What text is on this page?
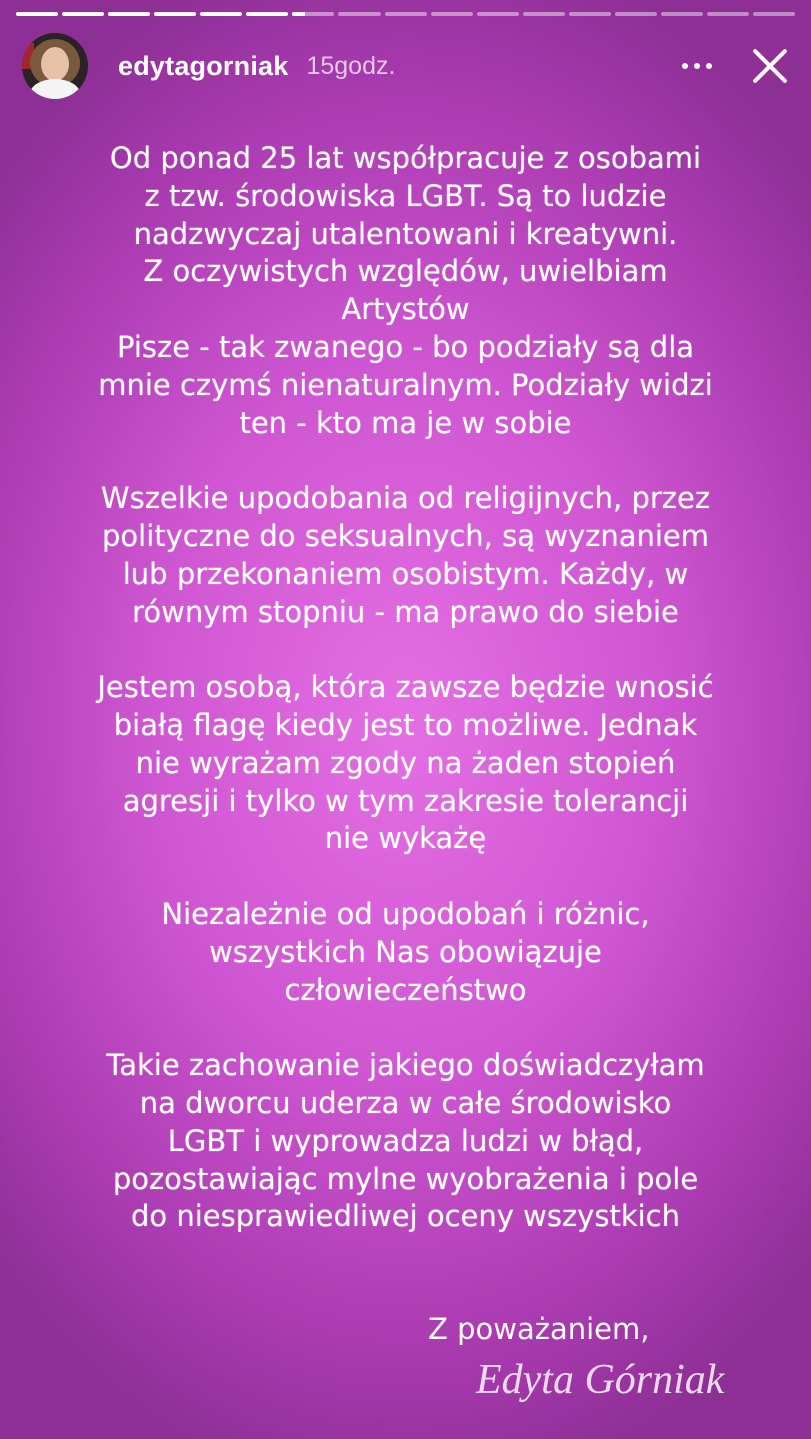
edytagorniak 15godz.
Od ponad 25 lat współpracuje z osobami
z tzw. środowiska LGBT. Są to ludzie
nadzwyczaj utalentowani i kreatywni.
Z oczywistych względów, uwielbiam
Artystów
Pisze - tak zwanego - bo podziały są dla
mnie czymś nienaturalnym. Podziały widzi
ten - kto ma je w sobie
Wszelkie upodobania od religijnych, przez
polityczne do seksualnych, są wyznaniem
lub przekonaniem osobistym. Każdy, w
równym stopniu - ma prawo do siebie
Jestem osobą, która zawsze będzie wnosić
białą flagę kiedy jest to możliwe. Jednak
nie wyrażam zgody na żaden stopień
agresji i tylko w tym zakresie tolerancji
nie wykażę
Niezależnie od upodobań i różnic,
wszystkich Nas obowiązuje
człowieczeństwo
Takie zachowanie jakiego doświadczyłam
na dworcu uderza w całe środowisko
LGBT i wyprowadza ludzi w błąd,
pozostawiając mylne wyobrażenia i pole
do niesprawiedliwej oceny wszystkich
Z poważaniem,
Edyta Górniak
